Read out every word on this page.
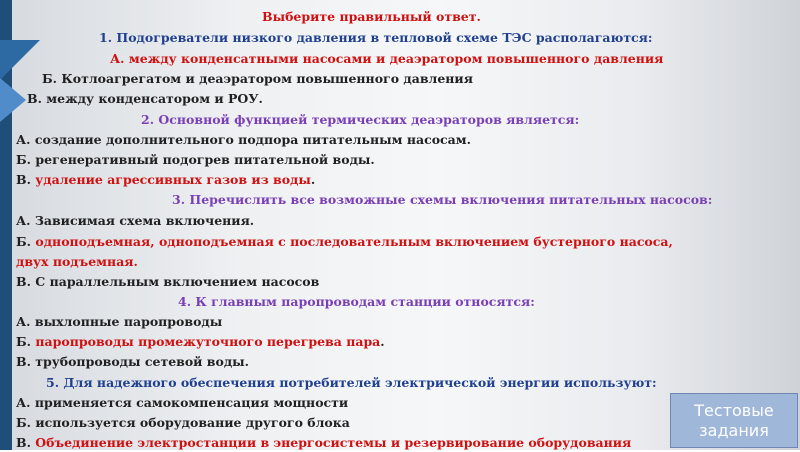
Выберите правильный ответ.
1. Подогреватели низкого давления в тепловой схеме ТЭС располагаются:
А. между конденсатными насосами и деаэратором повышенного давления
Б. Котлоагрегатом и деаэратором повышенного давления
В. между конденсатором и РОУ.
2. Основной функцией термических деаэраторов является:
А. создание дополнительного подпора питательным насосам.
Б. регенеративный подогрев питательной воды.
В. удаление агрессивных газов из воды.
3. Перечислить все возможные схемы включения питательных насосов:
А. Зависимая схема включения.
Б. одноподъемная, одноподъемная с последовательным включением бустерного насоса,
двух подъемная.
В. С параллельным включением насосов
4. К главным паропроводам станции относятся:
А. выхлопные паропроводы
Б. паропроводы промежуточного перегрева пара.
В. трубопроводы сетевой воды.
5. Для надежного обеспечения потребителей электрической энергии используют:
А. применяется самокомпенсация мощности
Б. используется оборудование другого блока
В. Объединение электростанции в энергосистемы и резервирование оборудования
Тестовые
задания
